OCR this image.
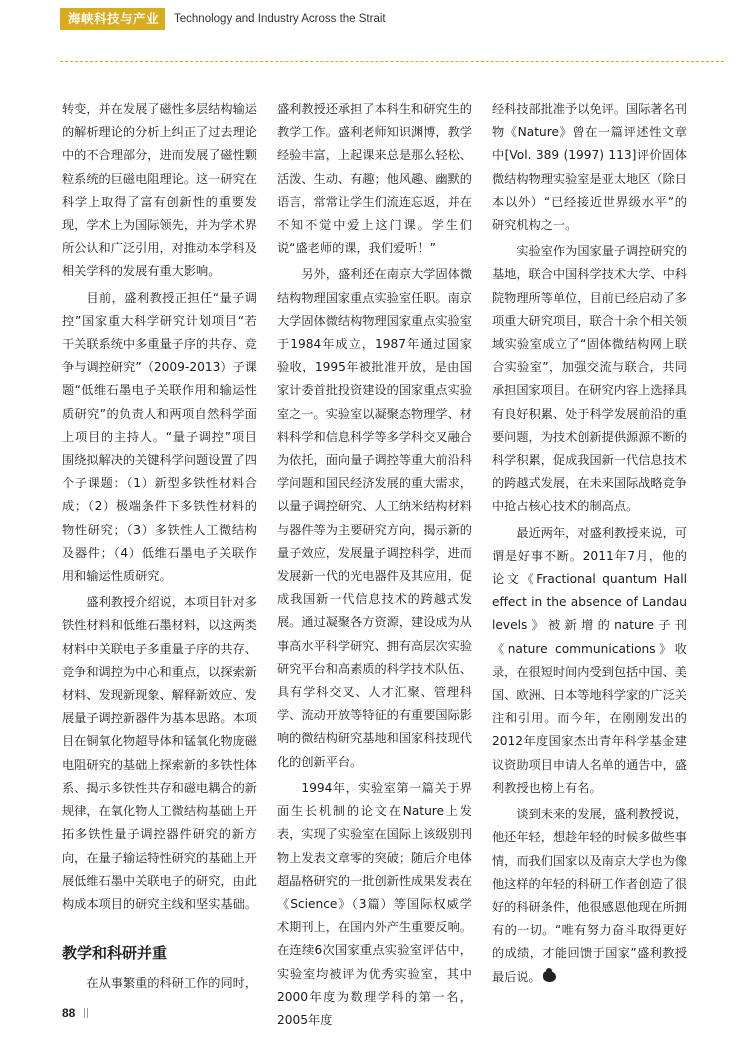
海峡科技与产业	Technology and Industry Across the Strait

转变，并在发展了磁性多层结构输运的解析理论的分析上纠正了过去理论中的不合理部分，进而发展了磁性颗粒系统的巨磁电阻理论。这一研究在科学上取得了富有创新性的重要发现，学术上为国际领先，并为学术界所公认和广泛引用，对推动本学科及相关学科的发展有重大影响。

目前，盛利教授正担任“量子调控”国家重大科学研究计划项目“若干关联系统中多重量子序的共存、竞争与调控研究”（2009-2013）子课题“低维石墨电子关联作用和输运性质研究”的负责人和两项自然科学面上项目的主持人。“量子调控”项目围绕拟解决的关键科学问题设置了四个子课题：（1）新型多铁性材料合成；（2）极端条件下多铁性材料的物性研究；（3）多铁性人工微结构及器件；（4）低维石墨电子关联作用和输运性质研究。

盛利教授介绍说，本项目针对多铁性材料和低维石墨材料，以这两类材料中关联电子多重量子序的共存、竞争和调控为中心和重点，以探索新材料、发现新现象、解释新效应、发展量子调控新器件为基本思路。本项目在铜氧化物超导体和锰氧化物庞磁电阻研究的基础上探索新的多铁性体系、揭示多铁性共存和磁电耦合的新规律，在氧化物人工微结构基础上开拓多铁性量子调控器件研究的新方向，在量子输运特性研究的基础上开展低维石墨中关联电子的研究，由此构成本项目的研究主线和坚实基础。

教学和科研并重

在从事繁重的科研工作的同时，

盛利教授还承担了本科生和研究生的教学工作。盛利老师知识渊博，教学经验丰富，上起课来总是那么轻松、活泼、生动、有趣；他风趣、幽默的语言，常常让学生们流连忘返，并在不知不觉中爱上这门课。学生们说“盛老师的课，我们爱听！”

另外，盛利还在南京大学固体微结构物理国家重点实验室任职。南京大学固体微结构物理国家重点实验室于1984年成立，1987年通过国家验收，1995年被批准开放，是由国家计委首批投资建设的国家重点实验室之一。实验室以凝聚态物理学、材料科学和信息科学等多学科交叉融合为依托，面向量子调控等重大前沿科学问题和国民经济发展的重大需求，以量子调控研究、人工纳米结构材料与器件等为主要研究方向，揭示新的量子效应，发展量子调控科学，进而发展新一代的光电器件及其应用，促成我国新一代信息技术的跨越式发展。通过凝聚各方资源，建设成为从事高水平科学研究、拥有高层次实验研究平台和高素质的科学技术队伍、具有学科交叉、人才汇聚、管理科学、流动开放等特征的有重要国际影响的微结构研究基地和国家科技现代化的创新平台。

1994年，实验室第一篇关于界面生长机制的论文在Nature上发表，实现了实验室在国际上该级别刊物上发表文章零的突破；随后介电体超晶格研究的一批创新性成果发表在《Science》（3篇）等国际权威学术期刊上，在国内外产生重要反响。在连续6次国家重点实验室评估中，实验室均被评为优秀实验室，其中2000年度为数理学科的第一名，2005年度

经科技部批准予以免评。国际著名刊物《Nature》曾在一篇评述性文章中[Vol. 389 (1997) 113]评价固体微结构物理实验室是亚太地区（除日本以外）“已经接近世界级水平”的研究机构之一。

实验室作为国家量子调控研究的基地，联合中国科学技术大学、中科院物理所等单位，目前已经启动了多项重大研究项目，联合十余个相关领域实验室成立了“固体微结构网上联合实验室”，加强交流与联合，共同承担国家项目。在研究内容上选择具有良好积累、处于科学发展前沿的重要问题，为技术创新提供源源不断的科学积累，促成我国新一代信息技术的跨越式发展，在未来国际战略竞争中抢占核心技术的制高点。

最近两年，对盛利教授来说，可谓是好事不断。2011年7月，他的论文《Fractional quantum Hall effect in the absence of Landau levels》被新增的nature子刊《nature communications》收录，在很短时间内受到包括中国、美国、欧洲、日本等地科学家的广泛关注和引用。而今年，在刚刚发出的2012年度国家杰出青年科学基金建议资助项目申请人名单的通告中，盛利教授也榜上有名。

谈到未来的发展，盛利教授说，他还年轻，想趁年轻的时候多做些事情，而我们国家以及南京大学也为像他这样的年轻的科研工作者创造了很好的科研条件，他很感恩他现在所拥有的一切。“唯有努力奋斗取得更好的成绩，才能回馈于国家”盛利教授最后说。

88
